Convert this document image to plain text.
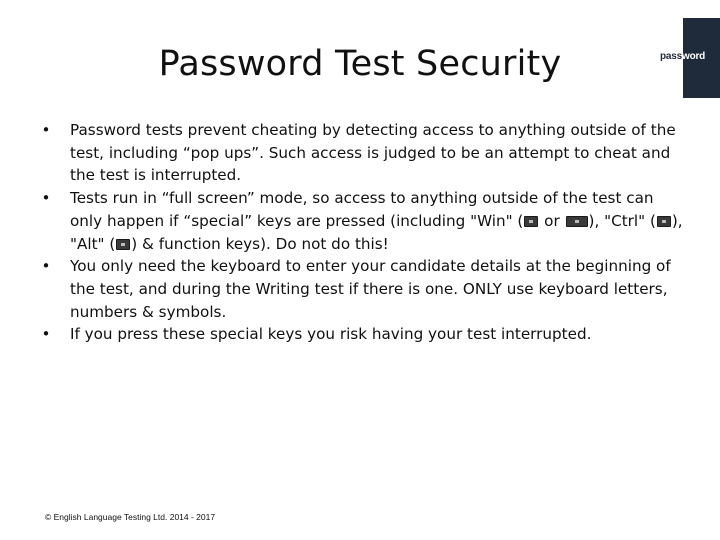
Password Test Security	password
• Password tests prevent cheating by detecting access to anything outside of the test, including “pop ups”. Such access is judged to be an attempt to cheat and the test is interrupted.
• Tests run in “full screen” mode, so access to anything outside of the test can only happen if “special” keys are pressed (including "Win" ( or ), "Ctrl" ( ), "Alt" ( ) & function keys). Do not do this!
• You only need the keyboard to enter your candidate details at the beginning of the test, and during the Writing test if there is one. ONLY use keyboard letters, numbers & symbols.
• If you press these special keys you risk having your test interrupted.
© English Language Testing Ltd. 2014 - 2017
